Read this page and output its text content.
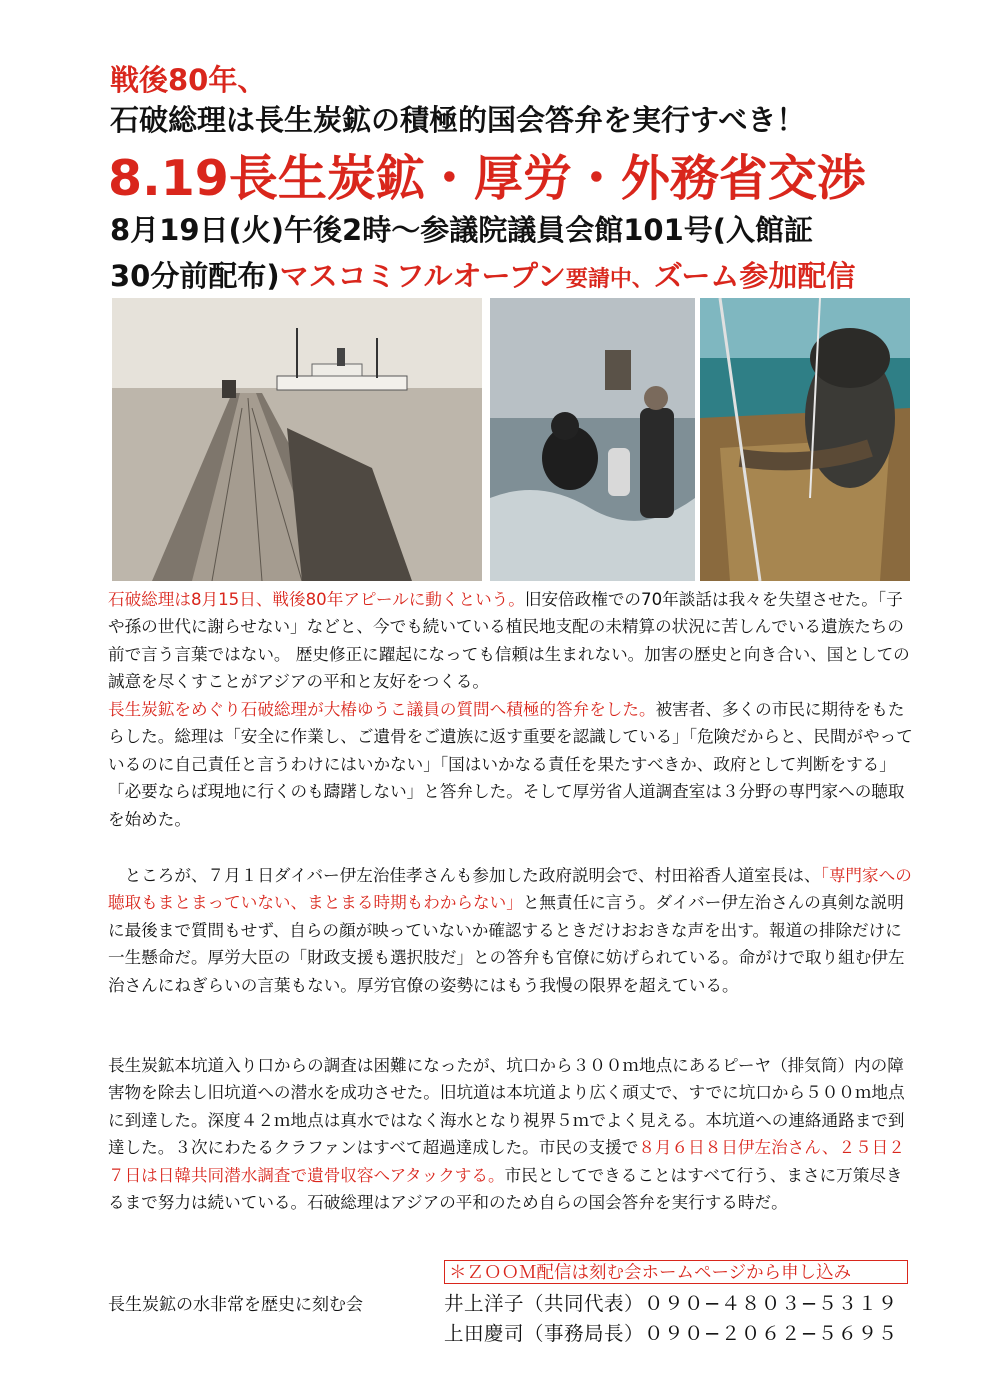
戦後80年、
石破総理は長生炭鉱の積極的国会答弁を実行すべき！
8.19長生炭鉱・厚労・外務省交渉
8月19日(火)午後2時〜参議院議員会館101号(入館証
30分前配布)マスコミフルオープン要請中、ズーム参加配信

石破総理は8月15日、戦後80年アピールに動くという。旧安倍政権での70年談話は我々を失望させた。「子や孫の世代に謝らせない」などと、今でも続いている植民地支配の未精算の状況に苦しんでいる遺族たちの前で言う言葉ではない。 歴史修正に躍起になっても信頼は生まれない。加害の歴史と向き合い、国としての誠意を尽くすことがアジアの平和と友好をつくる。

長生炭鉱をめぐり石破総理が大椿ゆうこ議員の質問へ積極的答弁をした。被害者、多くの市民に期待をもたらした。総理は「安全に作業し、ご遺骨をご遺族に返す重要を認識している」「危険だからと、民間がやっているのに自己責任と言うわけにはいかない」「国はいかなる責任を果たすべきか、政府として判断をする」「必要ならば現地に行くのも躊躇しない」と答弁した。そして厚労省人道調査室は３分野の専門家への聴取を始めた。

　ところが、７月１日ダイバー伊左治佳孝さんも参加した政府説明会で、村田裕香人道室長は、「専門家への聴取もまとまっていない、まとまる時期もわからない」と無責任に言う。ダイバー伊左治さんの真剣な説明に最後まで質問もせず、自らの顔が映っていないか確認するときだけおおきな声を出す。報道の排除だけに一生懸命だ。厚労大臣の「財政支援も選択肢だ」との答弁も官僚に妨げられている。命がけで取り組む伊左治さんにねぎらいの言葉もない。厚労官僚の姿勢にはもう我慢の限界を超えている。

長生炭鉱本坑道入り口からの調査は困難になったが、坑口から３００ｍ地点にあるピーヤ（排気筒）内の障害物を除去し旧坑道への潜水を成功させた。旧坑道は本坑道より広く頑丈で、すでに坑口から５００ｍ地点に到達した。深度４２ｍ地点は真水ではなく海水となり視界５ｍでよく見える。本坑道への連絡通路まで到達した。３次にわたるクラファンはすべて超過達成した。市民の支援で８月６日８日伊左治さん、２５日２７日は日韓共同潜水調査で遺骨収容へアタックする。市民としてできることはすべて行う、まさに万策尽きるまで努力は続いている。石破総理はアジアの平和のため自らの国会答弁を実行する時だ。

長生炭鉱の水非常を歴史に刻む会
＊ＺＯＯＭ配信は刻む会ホームページから申し込み
井上洋子（共同代表）０９０−４８０３−５３１９
上田慶司（事務局長）０９０−２０６２−５６９５
